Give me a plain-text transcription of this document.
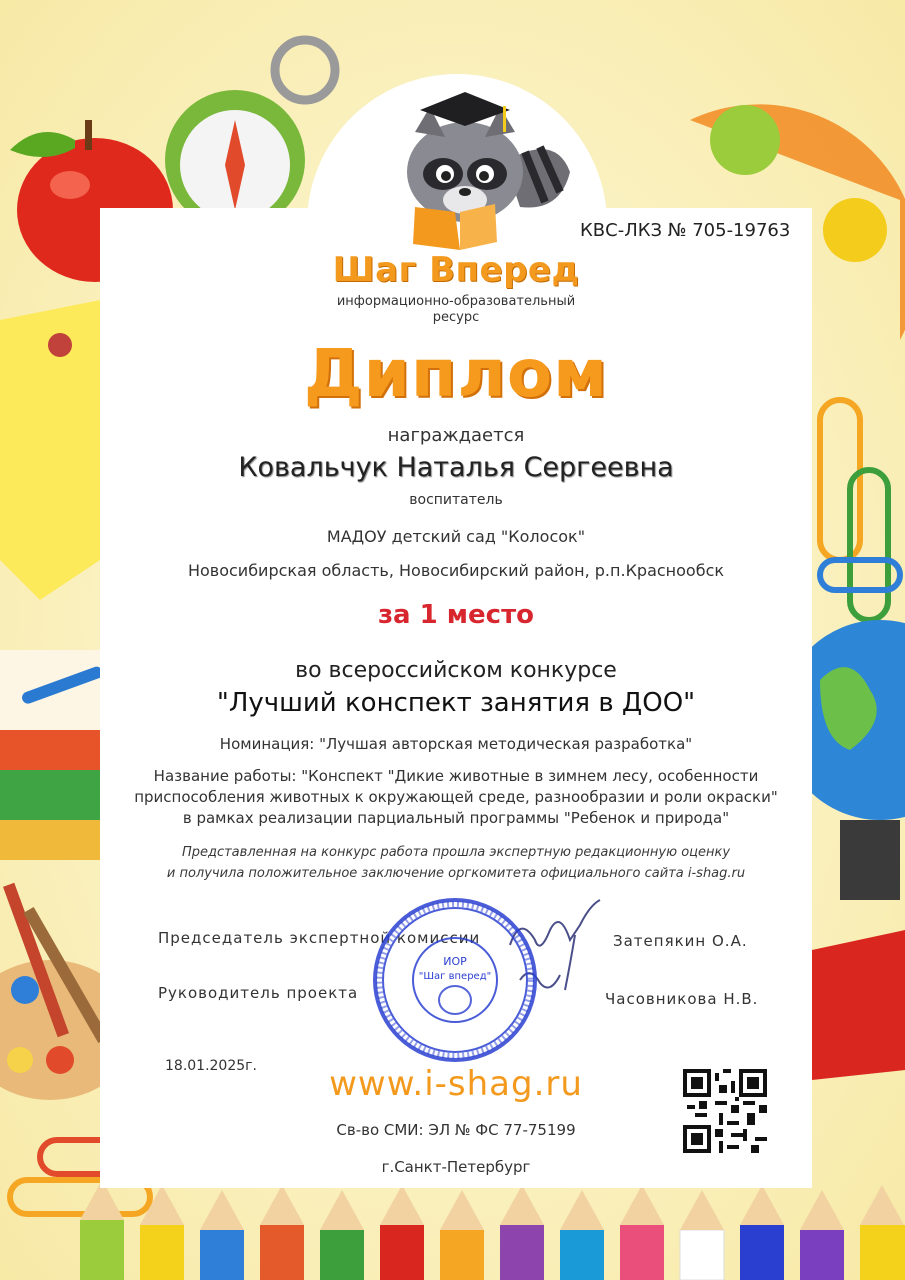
КВС-ЛКЗ № 705-19763
Шаг Вперед
информационно-образовательный
ресурс
Диплом
награждается
Ковальчук Наталья Сергеевна
воспитатель
МАДОУ детский сад "Колосок"
Новосибирская область, Новосибирский район, р.п.Краснообск
за 1 место
во всероссийском конкурсе
"Лучший конспект занятия в ДОО"
Номинация: "Лучшая авторская методическая разработка"
Название работы: "Конспект "Дикие животные в зимнем лесу, особенности
приспособления животных к окружающей среде, разнообразии и роли окраски"
в рамках реализации парциальный программы "Ребенок и природа"
Представленная на конкурс работа прошла экспертную редакционную оценку
и получила положительное заключение оргкомитета официального сайта i-shag.ru
Председатель экспертной комиссии	Затепякин О.А.
Руководитель проекта	Часовникова Н.В.
ИОР
"Шаг вперед"
18.01.2025г.	www.i-shag.ru
Св-во СМИ: ЭЛ № ФС 77-75199
г.Санкт-Петербург
